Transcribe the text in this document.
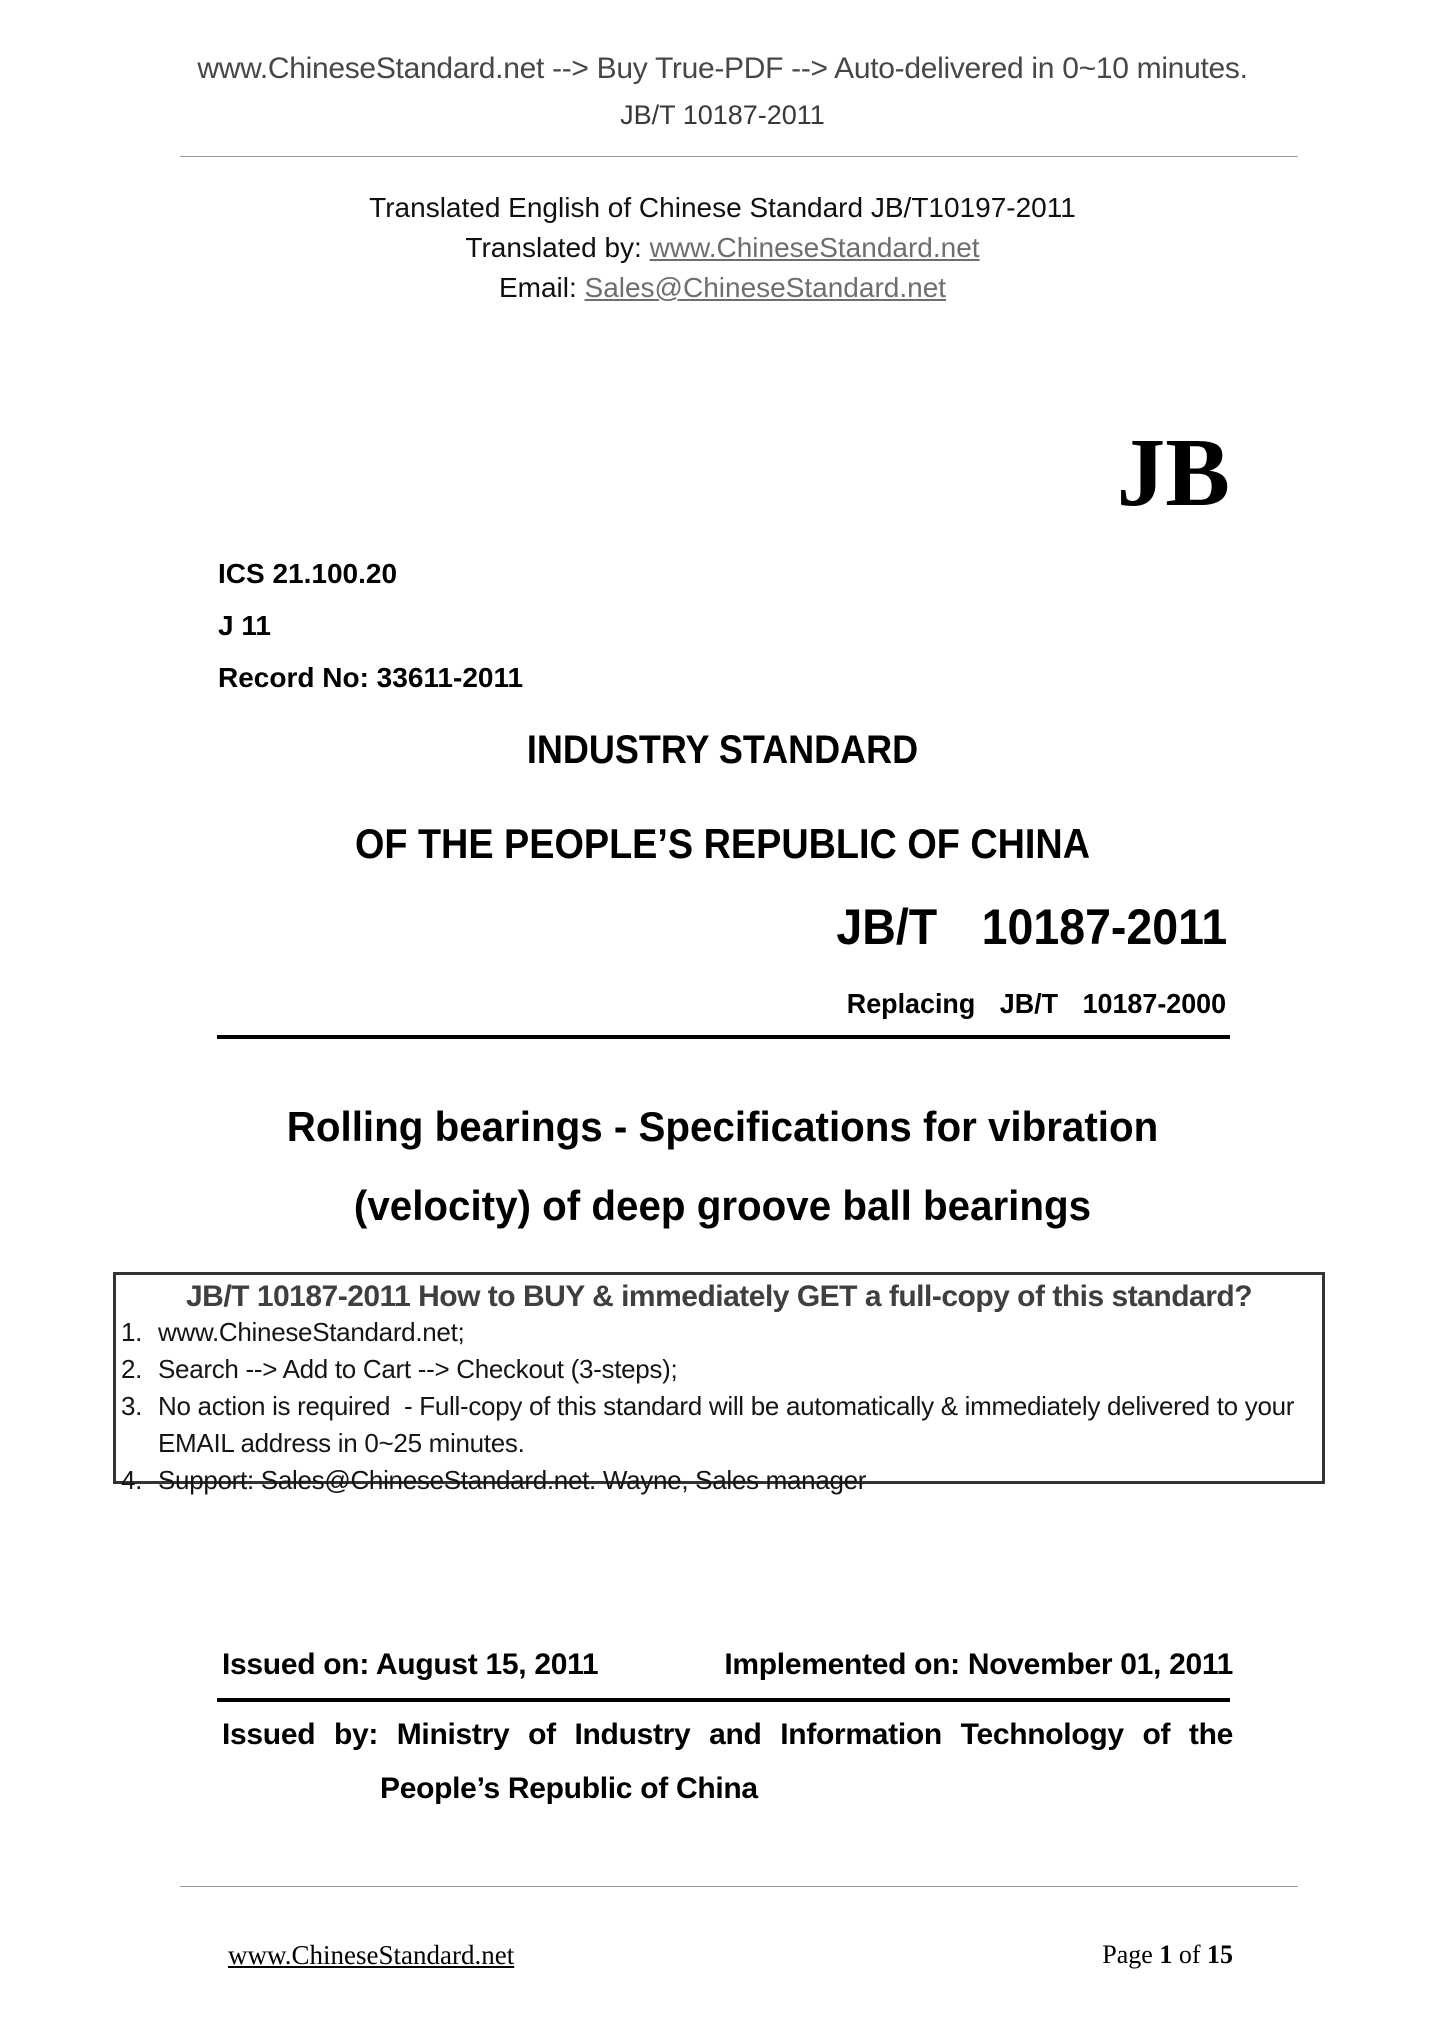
www.ChineseStandard.net --> Buy True-PDF --> Auto-delivered in 0~10 minutes.
JB/T 10187-2011
Translated English of Chinese Standard JB/T10197-2011
Translated by: www.ChineseStandard.net
Email: Sales@ChineseStandard.net
JB
ICS 21.100.20
J 11
Record No: 33611-2011
INDUSTRY STANDARD
OF THE PEOPLE’S REPUBLIC OF CHINA
JB/T  10187-2011
Replacing  JB/T  10187-2000
Rolling bearings - Specifications for vibration
(velocity) of deep groove ball bearings
JB/T 10187-2011 How to BUY & immediately GET a full-copy of this standard?
1. www.ChineseStandard.net;
2. Search --> Add to Cart --> Checkout (3-steps);
3. No action is required  - Full-copy of this standard will be automatically & immediately delivered to your EMAIL address in 0~25 minutes.
4. Support: Sales@ChineseStandard.net. Wayne, Sales manager
Issued on: August 15, 2011	Implemented on: November 01, 2011
Issued by: Ministry of Industry and Information Technology of the
People’s Republic of China
www.ChineseStandard.net	Page 1 of 15
